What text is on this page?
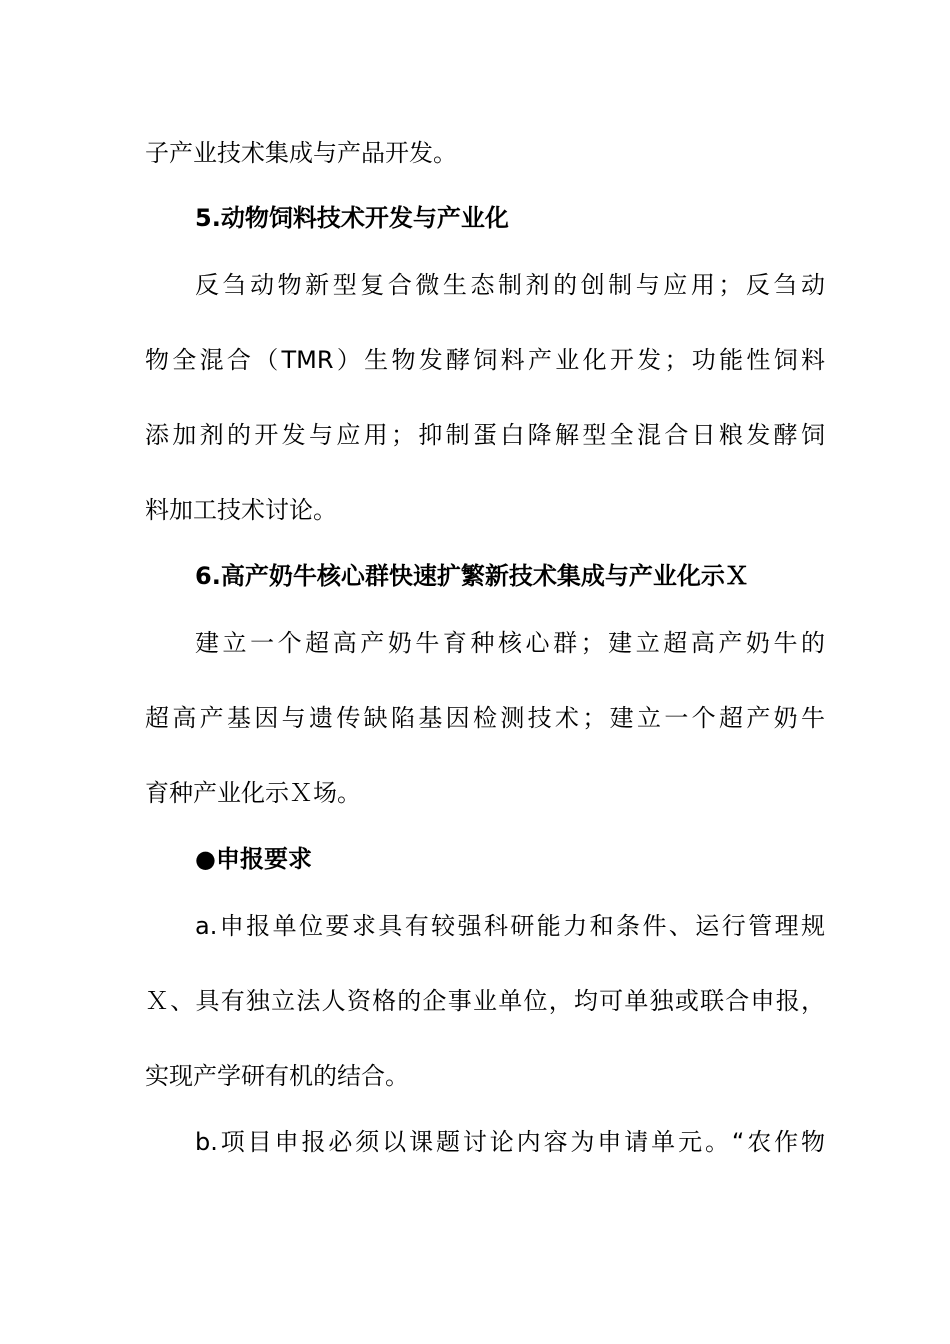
子产业技术集成与产品开发。
5.动物饲料技术开发与产业化
反刍动物新型复合微生态制剂的创制与应用；反刍动
物全混合（TMR）生物发酵饲料产业化开发；功能性饲料
添加剂的开发与应用；抑制蛋白降解型全混合日粮发酵饲
料加工技术讨论。
6.高产奶牛核心群快速扩繁新技术集成与产业化示Ｘ
建立一个超高产奶牛育种核心群；建立超高产奶牛的
超高产基因与遗传缺陷基因检测技术；建立一个超产奶牛
育种产业化示Ｘ场。
●申报要求
a.申报单位要求具有较强科研能力和条件、运行管理规
Ｘ、具有独立法人资格的企事业单位，均可单独或联合申报，
实现产学研有机的结合。
b.项目申报必须以课题讨论内容为申请单元。“农作物
